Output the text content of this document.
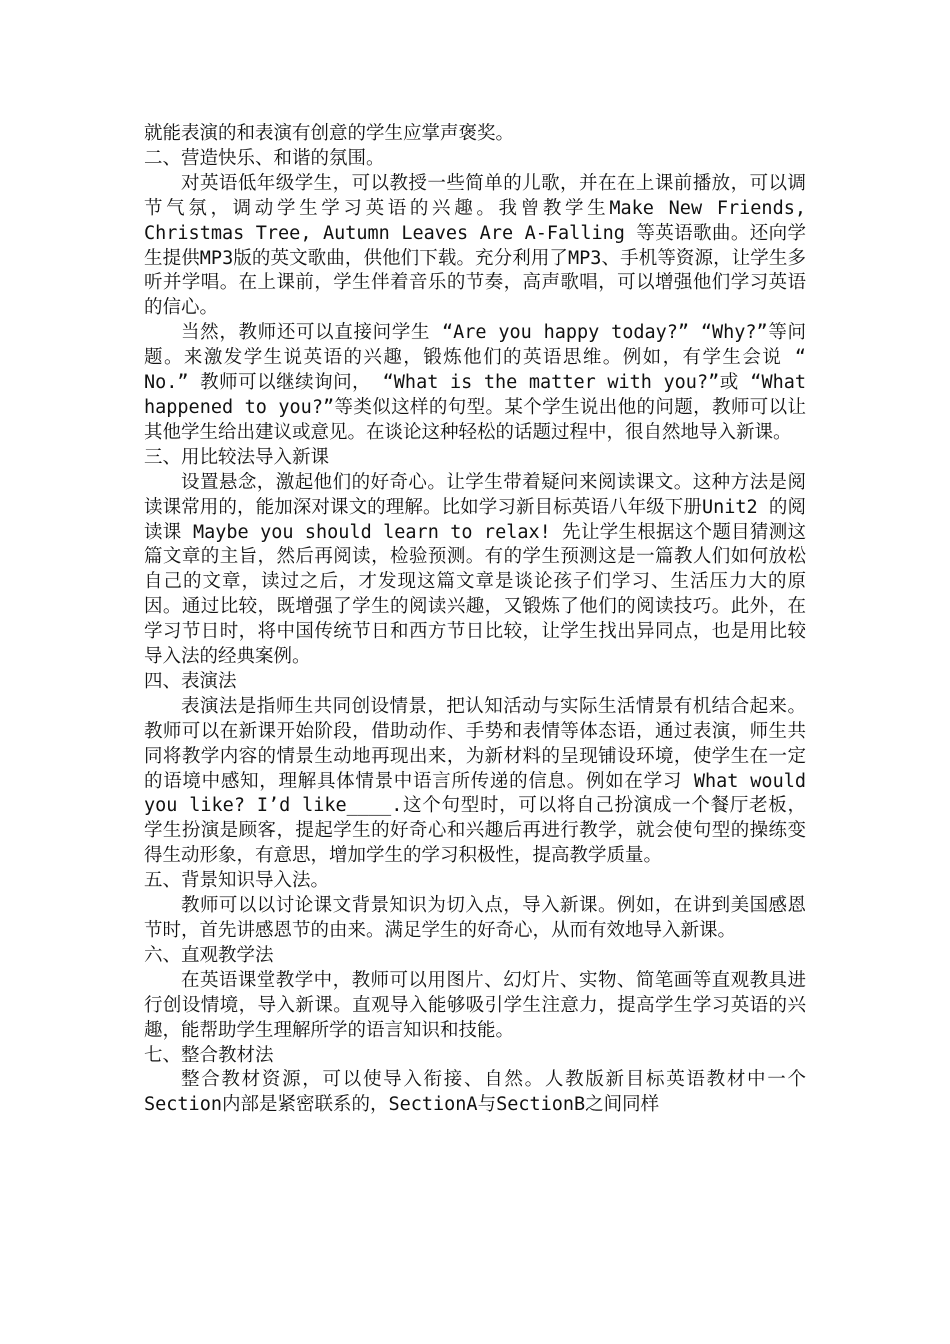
就能表演的和表演有创意的学生应掌声褒奖。

二、营造快乐、和谐的氛围。

对英语低年级学生，可以教授一些简单的儿歌，并在在上课前播放，可以调节气氛，调动学生学习英语的兴趣。我曾教学生Make New Friends, Christmas Tree, Autumn Leaves Are A-Falling 等英语歌曲。还向学生提供MP3版的英文歌曲，供他们下载。充分利用了MP3、手机等资源，让学生多听并学唱。在上课前，学生伴着音乐的节奏，高声歌唱，可以增强他们学习英语的信心。

当然，教师还可以直接问学生 “Are you happy today?” “Why?”等问题。来激发学生说英语的兴趣，锻炼他们的英语思维。例如，有学生会说 “ No.” 教师可以继续询问， “What is the matter with you?”或 “What happened to you?”等类似这样的句型。某个学生说出他的问题，教师可以让其他学生给出建议或意见。在谈论这种轻松的话题过程中，很自然地导入新课。

三、用比较法导入新课

设置悬念，激起他们的好奇心。让学生带着疑问来阅读课文。这种方法是阅读课常用的，能加深对课文的理解。比如学习新目标英语八年级下册Unit2 的阅读课 Maybe you should learn to relax! 先让学生根据这个题目猜测这篇文章的主旨，然后再阅读，检验预测。有的学生预测这是一篇教人们如何放松自己的文章，读过之后，才发现这篇文章是谈论孩子们学习、生活压力大的原因。通过比较，既增强了学生的阅读兴趣，又锻炼了他们的阅读技巧。此外，在学习节日时，将中国传统节日和西方节日比较，让学生找出异同点，也是用比较导入法的经典案例。

四、表演法

表演法是指师生共同创设情景，把认知活动与实际生活情景有机结合起来。教师可以在新课开始阶段，借助动作、手势和表情等体态语，通过表演，师生共同将教学内容的情景生动地再现出来，为新材料的呈现铺设环境，使学生在一定的语境中感知，理解具体情景中语言所传递的信息。例如在学习 What would you like? I’d like____.这个句型时，可以将自己扮演成一个餐厅老板，学生扮演是顾客，提起学生的好奇心和兴趣后再进行教学，就会使句型的操练变得生动形象，有意思，增加学生的学习积极性，提高教学质量。

五、背景知识导入法。

教师可以以讨论课文背景知识为切入点，导入新课。例如，在讲到美国感恩节时，首先讲感恩节的由来。满足学生的好奇心，从而有效地导入新课。

六、直观教学法

在英语课堂教学中，教师可以用图片、幻灯片、实物、简笔画等直观教具进行创设情境，导入新课。直观导入能够吸引学生注意力，提高学生学习英语的兴趣，能帮助学生理解所学的语言知识和技能。

七、整合教材法

整合教材资源，可以使导入衔接、自然。人教版新目标英语教材中一个Section内部是紧密联系的，SectionA与SectionB之间同样
